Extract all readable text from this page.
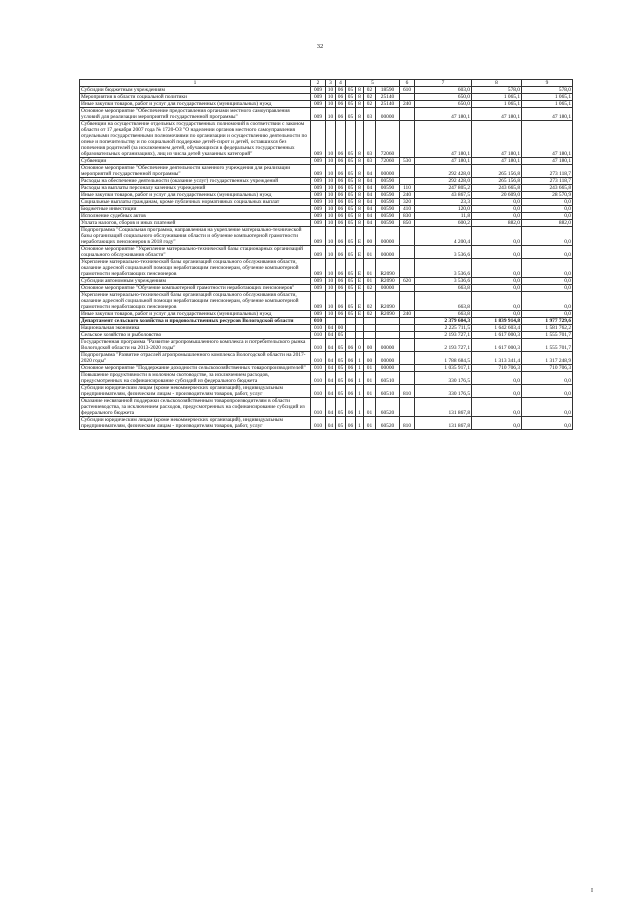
32
1	2	3	4	5				6	7	8	9
Субсидии бюджетным учреждениям	009	10	06	05	8	02	18590	610	603,0	578,0	578,0
Мероприятия в области социальной политики	009	10	06	05	8	02	25140		650,0	1 065,1	1 065,1
Иные закупки товаров, работ и услуг для государственных (муниципальных) нужд	009	10	06	05	8	02	25140	240	650,0	1 065,1	1 065,1
Основное мероприятие "Обеспечение предоставления органами местного самоуправления условий для реализации мероприятий государственной программы"	009	10	06	05	8	03	00000		47 180,1	47 180,1	47 180,1
Субвенции на осуществление отдельных государственных полномочий в соответствии с законом области от 17 декабря 2007 года № 1720-ОЗ "О наделении органов местного самоуправления отдельными государственными полномочиями по организации и осуществлению деятельности по опеке и попечительству и по социальной поддержке детей-сирот и детей, оставшихся без попечения родителей (за исключением детей, обучающихся в федеральных государственных образовательных организациях), лиц из числа детей указанных категорий"	009	10	06	05	8	03	72060		47 180,1	47 180,1	47 180,1
Субвенции	009	10	06	05	8	03	72060	530	47 180,1	47 180,1	47 180,1
Основное мероприятие "Обеспечение деятельности казенного учреждения для реализации мероприятий государственной программы"	009	10	06	05	8	04	00000		292 428,0	265 156,8	273 118,7
Расходы на обеспечение деятельности (оказание услуг) государственных учреждений	009	10	06	05	8	04	00590		292 428,0	265 156,8	273 118,7
Расходы на выплаты персоналу казенных учреждений	009	10	06	05	8	04	00590	110	247 805,2	243 665,8	243 665,8
Иные закупки товаров, работ и услуг для государственных (муниципальных) нужд	009	10	06	05	8	04	00590	240	43 867,5	20 609,0	28 570,9
Социальные выплаты гражданам, кроме публичных нормативных социальных выплат	009	10	06	05	8	04	00590	320	23,3	0,0	0,0
Бюджетные инвестиции	009	10	06	05	8	04	00590	410	120,0	0,0	0,0
Исполнение судебных актов	009	10	06	05	8	04	00590	830	11,8	0,0	0,0
Уплата налогов, сборов и иных платежей	009	10	06	05	8	04	00590	850	600,2	882,0	882,0
Подпрограмма "Социальная программа, направленная на укрепление материально-технической базы организаций социального обслуживания области и обучение компьютерной грамотности неработающих пенсионеров в 2018 году"	009	10	06	05	E	00	00000		4 200,4	0,0	0,0
Основное мероприятие "Укрепление материально-технической базы стационарных организаций социального обслуживания области"	009	10	06	05	E	01	00000		3 536,6	0,0	0,0
Укрепление материально-технической базы организаций социального обслуживания области, оказание адресной социальной помощи неработающим пенсионерам, обучение компьютерной грамотности неработающих пенсионеров	009	10	06	05	E	01	R2090		3 536,6	0,0	0,0
Субсидии автономным учреждениям	009	10	06	05	E	01	R2090	620	3 536,6	0,0	0,0
Основное мероприятие "Обучение компьютерной грамотности неработающих пенсионеров"	009	10	06	05	E	02	00000		663,8	0,0	0,0
Укрепление материально-технической базы организаций социального обслуживания области, оказание адресной социальной помощи неработающим пенсионерам, обучение компьютерной грамотности неработающих пенсионеров	009	10	06	05	E	02	R2090		663,8	0,0	0,0
Иные закупки товаров, работ и услуг для государственных (муниципальных) нужд	009	10	06	05	E	02	R2090	240	663,8	0,0	0,0
Департамент сельского хозяйства и продовольственных ресурсов Вологодской области	010								2 379 604,3	1 839 914,8	1 977 729,6
Национальная экономика	010	04	00						2 225 711,5	1 642 603,4	1 581 762,2
Сельское хозяйство и рыболовство	010	04	05						2 193 727,1	1 617 000,3	1 555 701,7
Государственная программа "Развитие агропромышленного комплекса и потребительского рынка Вологодской области на 2013-2020 годы"	010	04	05	06	0	00	00000		2 193 727,1	1 617 000,3	1 555 701,7
Подпрограмма "Развитие отраслей агропромышленного комплекса Вологодской области на 2017-2020 годы"	010	04	05	06	1	00	00000		1 788 684,5	1 313 341,4	1 317 248,9
Основное мероприятие "Поддержание доходности сельскохозяйственных товаропроизводителей"	010	04	05	06	1	01	00000		1 035 917,1	710 706,3	710 706,3
Повышение продуктивности в молочном скотоводстве, за исключением расходов, предусмотренных на софинансирование субсидий из федерального бюджета	010	04	05	06	1	01	60510		330 176,5	0,0	0,0
Субсидии юридическим лицам (кроме некоммерческих организаций), индивидуальным предпринимателям, физическим лицам - производителям товаров, работ, услуг	010	04	05	06	1	01	60510	810	330 176,5	0,0	0,0
Оказание несвязанной поддержки сельскохозяйственным товаропроизводителям в области растениеводства, за исключением расходов, предусмотренных на софинансирование субсидий из федерального бюджета	010	04	05	06	1	01	60520		131 867,8	0,0	0,0
Субсидии юридическим лицам (кроме некоммерческих организаций), индивидуальным предпринимателям, физическим лицам - производителям товаров, работ, услуг	010	04	05	06	1	01	60520	810	131 867,8	0,0	0,0
I
